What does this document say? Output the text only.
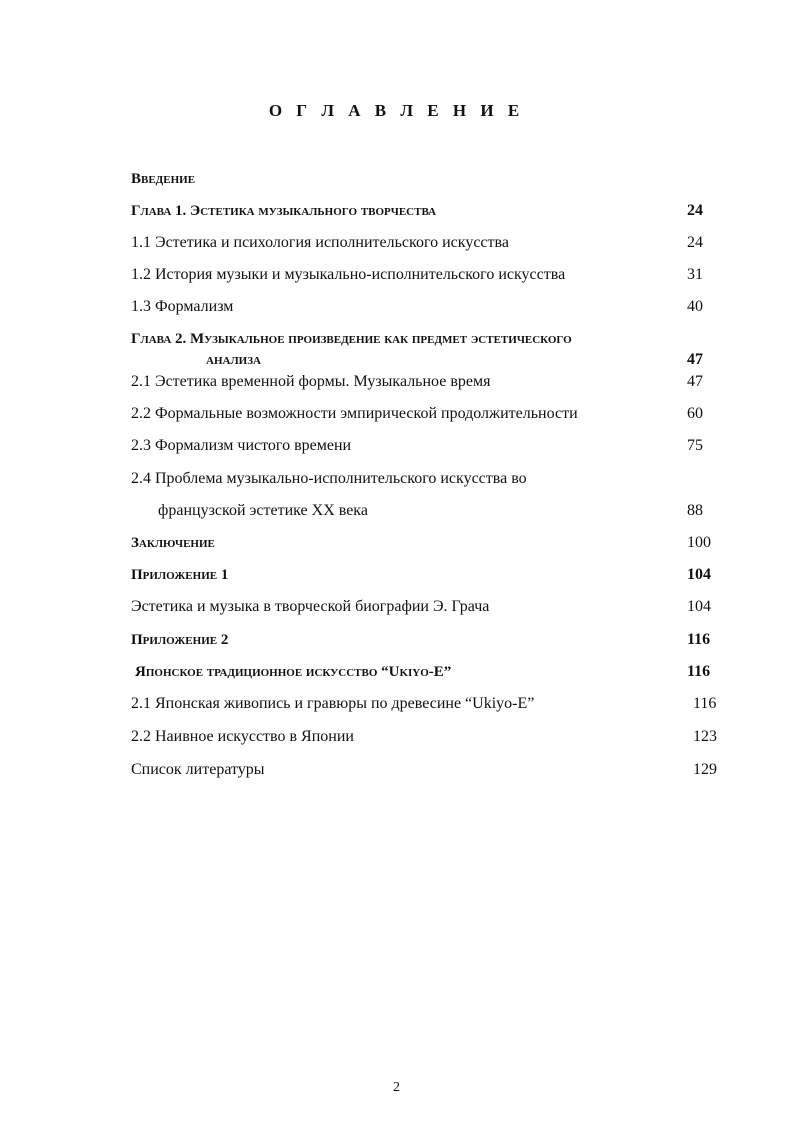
О Г Л А В Л Е Н И Е
Введение
Глава 1. Эстетика музыкального творчества	24
1.1 Эстетика и психология исполнительского искусства	24
1.2 История музыки и музыкально-исполнительского искусства	31
1.3 Формализм	40
Глава 2. Музыкальное произведение как предмет эстетического
анализа	47
2.1 Эстетика временной формы. Музыкальное время	47
2.2 Формальные возможности эмпирической продолжительности	60
2.3 Формализм чистого времени	75
2.4 Проблема музыкально-исполнительского искусства во
французской эстетике ХХ века	88
Заключение	100
Приложение 1	104
Эстетика и музыка в творческой биографии Э. Грача	104
Приложение 2	116
Японское традиционное искусство “Ukiyo-E”	116
2.1 Японская живопись и гравюры по древесине “Ukiyo-E”	116
2.2 Наивное искусство в Японии	123
Список литературы	129
2
